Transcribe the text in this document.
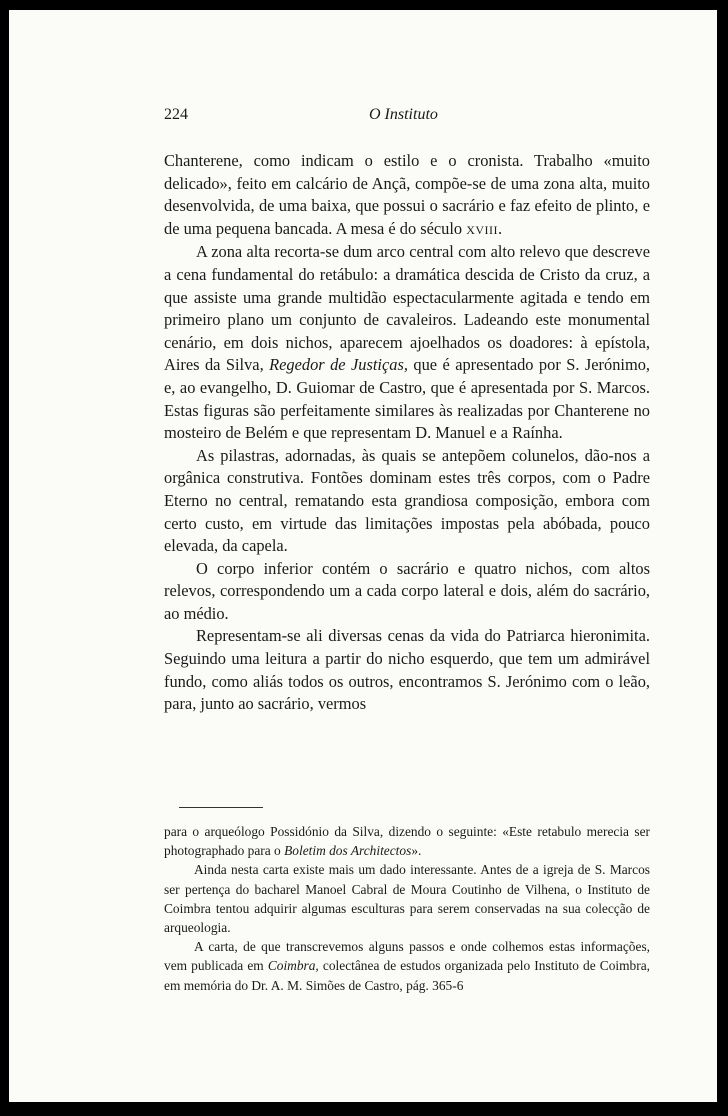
224	O Instituto

Chanterene, como indicam o estilo e o cronista. Trabalho «muito delicado», feito em calcário de Ançã, compõe-se de uma zona alta, muito desenvolvida, de uma baixa, que possui o sacrário e faz efeito de plinto, e de uma pequena bancada. A mesa é do século XVIII.

A zona alta recorta-se dum arco central com alto relevo que descreve a cena fundamental do retábulo: a dramática descida de Cristo da cruz, a que assiste uma grande multidão espectacularmente agitada e tendo em primeiro plano um conjunto de cavaleiros. Ladeando este monumental cenário, em dois nichos, aparecem ajoelhados os doadores: à epístola, Aires da Silva, Regedor de Justiças, que é apresentado por S. Jerónimo, e, ao evangelho, D. Guiomar de Castro, que é apresentada por S. Marcos. Estas figuras são perfeitamente similares às realizadas por Chanterene no mosteiro de Belém e que representam D. Manuel e a Raínha.

As pilastras, adornadas, às quais se antepõem colunelos, dão-nos a orgânica construtiva. Fontões dominam estes três corpos, com o Padre Eterno no central, rematando esta grandiosa composição, embora com certo custo, em virtude das limitações impostas pela abóbada, pouco elevada, da capela.

O corpo inferior contém o sacrário e quatro nichos, com altos relevos, correspondendo um a cada corpo lateral e dois, além do sacrário, ao médio.

Representam-se ali diversas cenas da vida do Patriarca hieronimita. Seguindo uma leitura a partir do nicho esquerdo, que tem um admirável fundo, como aliás todos os outros, encontramos S. Jerónimo com o leão, para, junto ao sacrário, vermos

para o arqueólogo Possidónio da Silva, dizendo o seguinte: «Este retabulo merecia ser photographado para o Boletim dos Architectos».

Ainda nesta carta existe mais um dado interessante. Antes de a igreja de S. Marcos ser pertença do bacharel Manoel Cabral de Moura Coutinho de Vilhena, o Instituto de Coimbra tentou adquirir algumas esculturas para serem conservadas na sua colecção de arqueologia.

A carta, de que transcrevemos alguns passos e onde colhemos estas informações, vem publicada em Coimbra, colectânea de estudos organizada pelo Instituto de Coimbra, em memória do Dr. A. M. Simões de Castro, pág. 365-6
